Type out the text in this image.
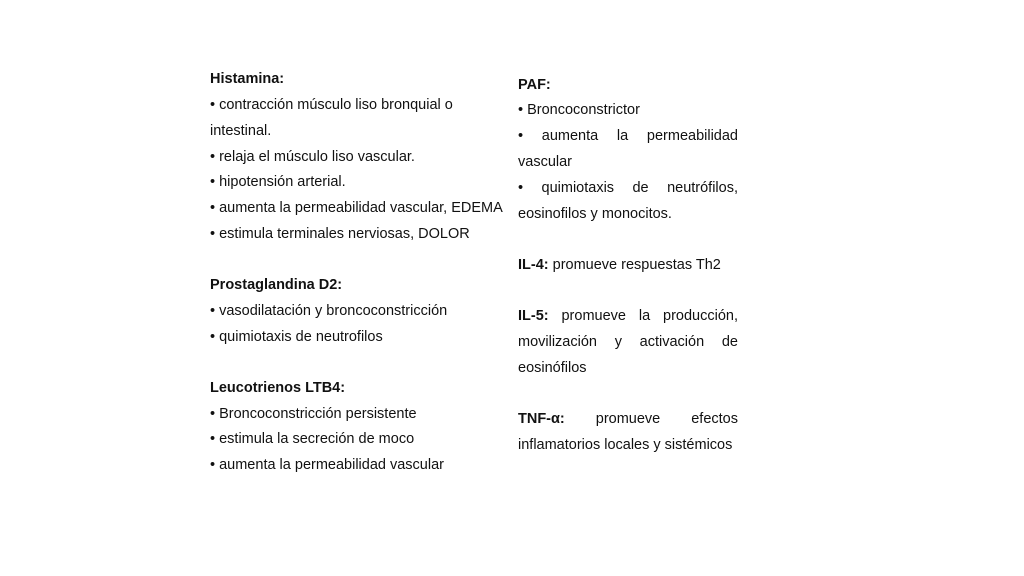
Histamina:
• contracción músculo liso bronquial o
intestinal.
• relaja el músculo liso vascular.
• hipotensión arterial.
• aumenta la permeabilidad vascular, EDEMA
• estimula terminales nerviosas, DOLOR
Prostaglandina D2:
• vasodilatación y broncoconstricción
• quimiotaxis de neutrofilos
Leucotrienos LTB4:
• Broncoconstricción persistente
• estimula la secreción de moco
• aumenta la permeabilidad vascular
PAF:
• Broncoconstrictor
• aumenta la permeabilidad
vascular
• quimiotaxis de neutrófilos,
eosinofilos y monocitos.
IL-4: promueve respuestas Th2
IL-5: promueve la producción,
movilización y activación de
eosinófilos
TNF-α: promueve efectos
inflamatorios locales y sistémicos
